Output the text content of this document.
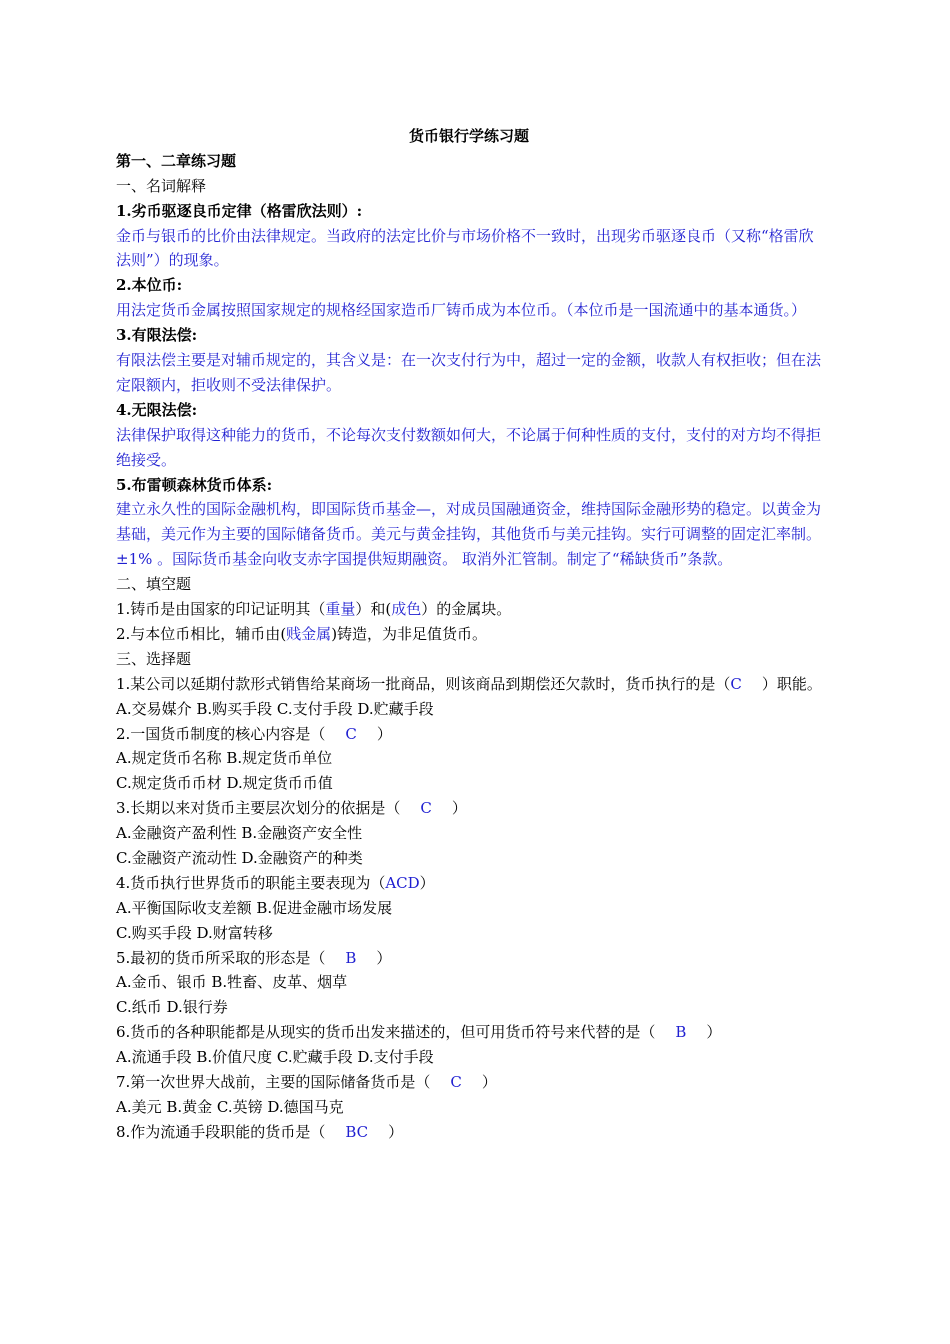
货币银行学练习题
第一、二章练习题
一、名词解释
1.劣币驱逐良币定律（格雷欣法则）:
金币与银币的比价由法律规定。当政府的法定比价与市场价格不一致时，出现劣币驱逐良币（又称“格雷欣法则”）的现象。
2.本位币:
用法定货币金属按照国家规定的规格经国家造币厂铸币成为本位币。（本位币是一国流通中的基本通货。）
3.有限法偿:
有限法偿主要是对辅币规定的，其含义是：在一次支付行为中，超过一定的金额，收款人有权拒收；但在法定限额内，拒收则不受法律保护。
4.无限法偿:
法律保护取得这种能力的货币，不论每次支付数额如何大，不论属于何种性质的支付，支付的对方均不得拒绝接受。
5.布雷顿森林货币体系:
建立永久性的国际金融机构，即国际货币基金—，对成员国融通资金，维持国际金融形势的稳定。以黄金为基础，美元作为主要的国际储备货币。美元与黄金挂钩，其他货币与美元挂钩。实行可调整的固定汇率制。±1% 。国际货币基金向收支赤字国提供短期融资。 取消外汇管制。制定了“稀缺货币”条款。
二、填空题
1.铸币是由国家的印记证明其（重量）和(成色）的金属块。
2.与本位币相比，辅币由(贱金属)铸造，为非足值货币。
三、选择题
1.某公司以延期付款形式销售给某商场一批商品，则该商品到期偿还欠款时，货币执行的是（C ）职能。
A.交易媒介 B.购买手段 C.支付手段 D.贮藏手段
2.一国货币制度的核心内容是（ C ）
A.规定货币名称 B.规定货币单位
C.规定货币币材 D.规定货币币值
3.长期以来对货币主要层次划分的依据是（ C ）
A.金融资产盈利性 B.金融资产安全性
C.金融资产流动性 D.金融资产的种类
4.货币执行世界货币的职能主要表现为（ACD）
A.平衡国际收支差额 B.促进金融市场发展
C.购买手段 D.财富转移
5.最初的货币所采取的形态是（ B ）
A.金币、银币 B.牲畜、皮革、烟草
C.纸币 D.银行券
6.货币的各种职能都是从现实的货币出发来描述的，但可用货币符号来代替的是（ B ）
A.流通手段 B.价值尺度 C.贮藏手段 D.支付手段
7.第一次世界大战前，主要的国际储备货币是（ C ）
A.美元 B.黄金 C.英镑 D.德国马克
8.作为流通手段职能的货币是（ BC ）
